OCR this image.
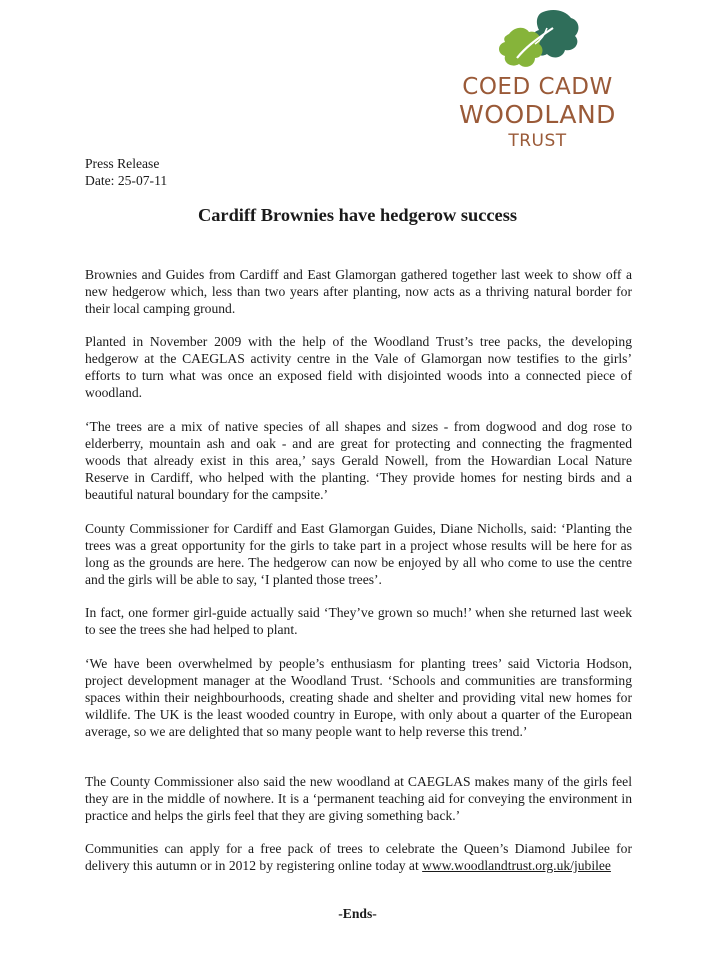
COED CADW
WOODLAND
TRUST
Press Release
Date: 25-07-11
Cardiff Brownies have hedgerow success

Brownies and Guides from Cardiff and East Glamorgan gathered together last week to show off a new hedgerow which, less than two years after planting, now acts as a thriving natural border for their local camping ground.

Planted in November 2009 with the help of the Woodland Trust’s tree packs, the developing hedgerow at the CAEGLAS activity centre in the Vale of Glamorgan now testifies to the girls’ efforts to turn what was once an exposed field with disjointed woods into a connected piece of woodland.

‘The trees are a mix of native species of all shapes and sizes - from dogwood and dog rose to elderberry, mountain ash and oak - and are great for protecting and connecting the fragmented woods that already exist in this area,’ says Gerald Nowell, from the Howardian Local Nature Reserve in Cardiff, who helped with the planting. ‘They provide homes for nesting birds and a beautiful natural boundary for the campsite.’

County Commissioner for Cardiff and East Glamorgan Guides, Diane Nicholls, said: ‘Planting the trees was a great opportunity for the girls to take part in a project whose results will be here for as long as the grounds are here. The hedgerow can now be enjoyed by all who come to use the centre and the girls will be able to say, ‘I planted those trees’.

In fact, one former girl-guide actually said ‘They’ve grown so much!’ when she returned last week to see the trees she had helped to plant.

‘We have been overwhelmed by people’s enthusiasm for planting trees’ said Victoria Hodson, project development manager at the Woodland Trust. ‘Schools and communities are transforming spaces within their neighbourhoods, creating shade and shelter and providing vital new homes for wildlife. The UK is the least wooded country in Europe, with only about a quarter of the European average, so we are delighted that so many people want to help reverse this trend.’

The County Commissioner also said the new woodland at CAEGLAS makes many of the girls feel they are in the middle of nowhere. It is a ‘permanent teaching aid for conveying the environment in practice and helps the girls feel that they are giving something back.’

Communities can apply for a free pack of trees to celebrate the Queen’s Diamond Jubilee for delivery this autumn or in 2012 by registering online today at www.woodlandtrust.org.uk/jubilee

-Ends-
